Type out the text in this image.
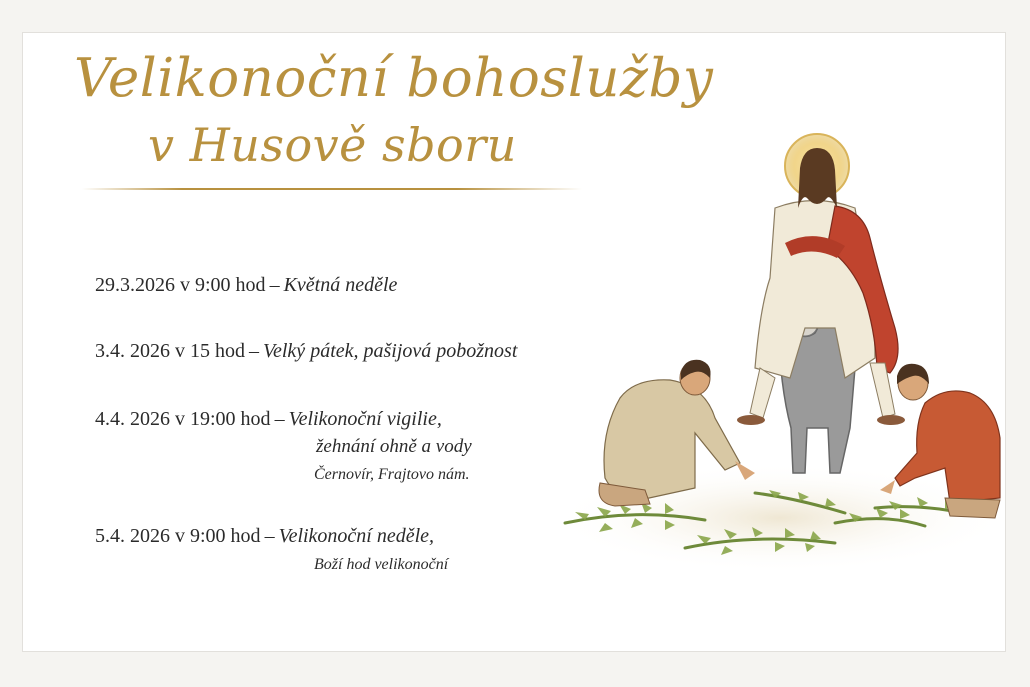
Velikonoční bohoslužby
v Husově sboru
29.3.2026 v 9:00 hod – Květná neděle
3.4. 2026 v 15 hod – Velký pátek, pašijová pobožnost
4.4. 2026 v 19:00 hod – Velikonoční vigilie,
žehnání ohně a vody
Černovír, Frajtovo nám.
5.4. 2026 v 9:00 hod – Velikonoční neděle,
Boží hod velikonoční
